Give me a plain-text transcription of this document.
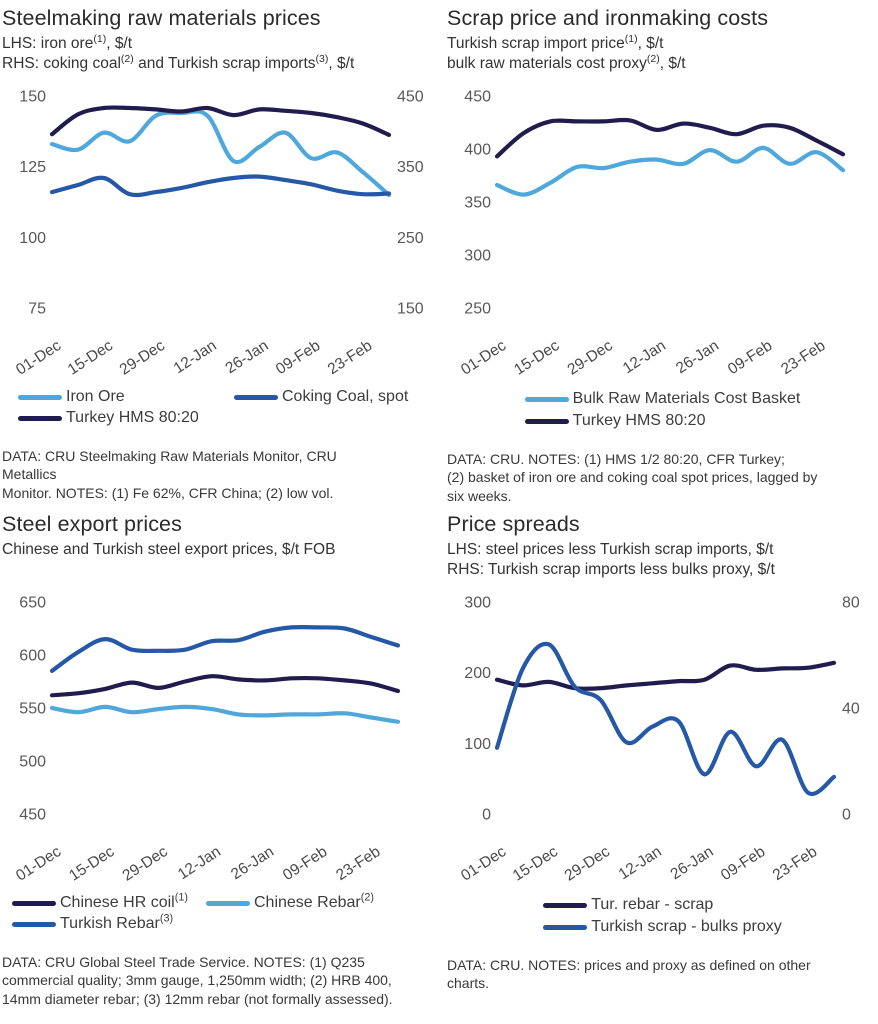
Steelmaking raw materials prices
LHS: iron ore$^{(1)}$, $/t
RHS: coking coal$^{(2)}$ and Turkish scrap imports$^{(3)}$, $/t
150
125
100
75
450
350
250
150
01-Dec 15-Dec 29-Dec 12-Jan 26-Jan 09-Feb 23-Feb
Iron Ore	Coking Coal, spot
Turkey HMS 80:20

DATA: CRU Steelmaking Raw Materials Monitor, CRU
Metallics
Monitor. NOTES: (1) Fe 62%, CFR China; (2) low vol.

Scrap price and ironmaking costs
Turkish scrap import price$^{(1)}$, $/t
bulk raw materials cost proxy$^{(2)}$, $/t
450
400
350
300
250
01-Dec 15-Dec 29-Dec 12-Jan 26-Jan 09-Feb 23-Feb
Bulk Raw Materials Cost Basket
Turkey HMS 80:20

DATA: CRU. NOTES: (1) HMS 1/2 80:20, CFR Turkey;
(2) basket of iron ore and coking coal spot prices, lagged by
six weeks.

Steel export prices
Chinese and Turkish steel export prices, $/t FOB
650
600
550
500
450
01-Dec 15-Dec 29-Dec 12-Jan 26-Jan 09-Feb 23-Feb
Chinese HR coil$^{(1)}$	Chinese Rebar$^{(2)}$
Turkish Rebar$^{(3)}$

DATA: CRU Global Steel Trade Service. NOTES: (1) Q235
commercial quality; 3mm gauge, 1,250mm width; (2) HRB 400,
14mm diameter rebar; (3) 12mm rebar (not formally assessed).

Price spreads
LHS: steel prices less Turkish scrap imports, $/t
RHS: Turkish scrap imports less bulks proxy, $/t
300
200
100
0
80
40
0
01-Dec 15-Dec 29-Dec 12-Jan 26-Jan 09-Feb 23-Feb
Tur. rebar - scrap
Turkish scrap - bulks proxy

DATA: CRU. NOTES: prices and proxy as defined on other
charts.
